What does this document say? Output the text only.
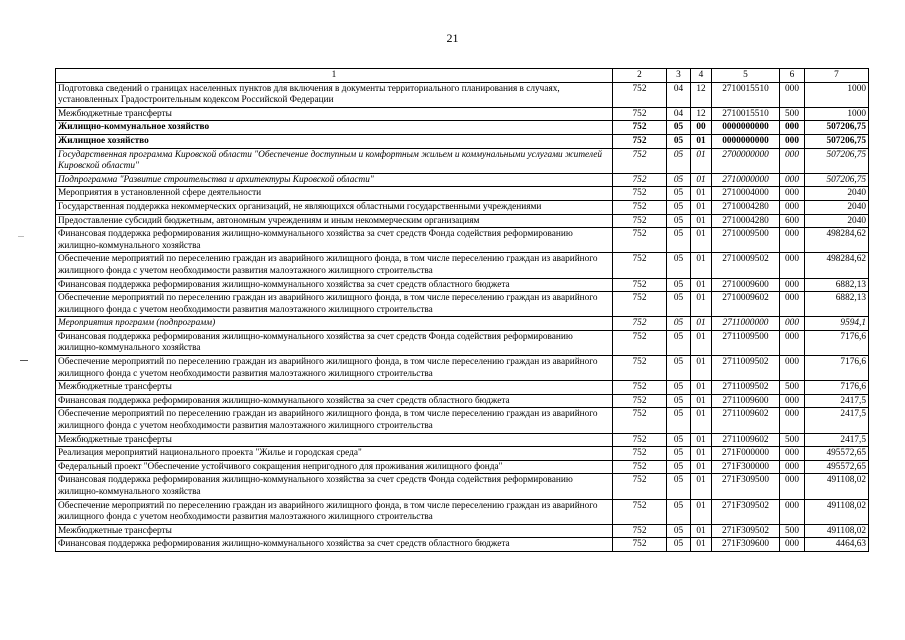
21
1	2	3	4	5	6	7
Подготовка сведений о границах населенных пунктов для включения в документы территориального планирования в случаях, установленных Градостроительным кодексом Российской Федерации	752	04	12	2710015510	000	1000
Межбюджетные трансферты	752	04	12	2710015510	500	1000
Жилищно-коммунальное хозяйство	752	05	00	0000000000	000	507206,75
Жилищное хозяйство	752	05	01	0000000000	000	507206,75
Государственная программа Кировской области "Обеспечение доступным и комфортным жильем и коммунальными услугами жителей Кировской области"	752	05	01	2700000000	000	507206,75
Подпрограмма "Развитие строительства и архитектуры Кировской области"	752	05	01	2710000000	000	507206,75
Мероприятия в установленной сфере деятельности	752	05	01	2710004000	000	2040
Государственная поддержка некоммерческих организаций, не являющихся областными государственными учреждениями	752	05	01	2710004280	000	2040
Предоставление субсидий бюджетным, автономным учреждениям и иным некоммерческим организациям	752	05	01	2710004280	600	2040
Финансовая поддержка реформирования жилищно-коммунального хозяйства за счет средств Фонда содействия реформированию жилищно-коммунального хозяйства	752	05	01	2710009500	000	498284,62
Обеспечение мероприятий по переселению граждан из аварийного жилищного фонда, в том числе переселению граждан из аварийного жилищного фонда с учетом необходимости развития малоэтажного жилищного строительства	752	05	01	2710009502	000	498284,62
Финансовая поддержка реформирования жилищно-коммунального хозяйства за счет средств областного бюджета	752	05	01	2710009600	000	6882,13
Обеспечение мероприятий по переселению граждан из аварийного жилищного фонда, в том числе переселению граждан из аварийного жилищного фонда с учетом необходимости развития малоэтажного жилищного строительства	752	05	01	2710009602	000	6882,13
Мероприятия программ (подпрограмм)	752	05	01	2711000000	000	9594,1
Финансовая поддержка реформирования жилищно-коммунального хозяйства за счет средств Фонда содействия реформированию жилищно-коммунального хозяйства	752	05	01	2711009500	000	7176,6
Обеспечение мероприятий по переселению граждан из аварийного жилищного фонда, в том числе переселению граждан из аварийного жилищного фонда с учетом необходимости развития малоэтажного жилищного строительства	752	05	01	2711009502	000	7176,6
Межбюджетные трансферты	752	05	01	2711009502	500	7176,6
Финансовая поддержка реформирования жилищно-коммунального хозяйства за счет средств областного бюджета	752	05	01	2711009600	000	2417,5
Обеспечение мероприятий по переселению граждан из аварийного жилищного фонда, в том числе переселению граждан из аварийного жилищного фонда с учетом необходимости развития малоэтажного жилищного строительства	752	05	01	2711009602	000	2417,5
Межбюджетные трансферты	752	05	01	2711009602	500	2417,5
Реализация мероприятий национального проекта "Жилье и городская среда"	752	05	01	271F000000	000	495572,65
Федеральный проект "Обеспечение устойчивого сокращения непригодного для проживания жилищного фонда"	752	05	01	271F300000	000	495572,65
Финансовая поддержка реформирования жилищно-коммунального хозяйства за счет средств Фонда содействия реформированию жилищно-коммунального хозяйства	752	05	01	271F309500	000	491108,02
Обеспечение мероприятий по переселению граждан из аварийного жилищного фонда, в том числе переселению граждан из аварийного жилищного фонда с учетом необходимости развития малоэтажного жилищного строительства	752	05	01	271F309502	000	491108,02
Межбюджетные трансферты	752	05	01	271F309502	500	491108,02
Финансовая поддержка реформирования жилищно-коммунального хозяйства за счет средств областного бюджета	752	05	01	271F309600	000	4464,63
